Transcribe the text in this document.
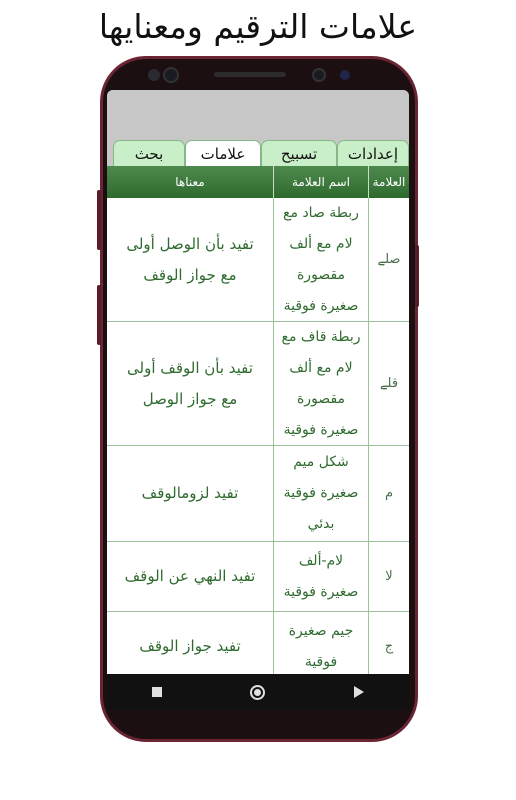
علامات الترقيم ومعنايها
إعدادات
تسبيح
علامات
بحث
العلامة
اسم العلامة
معناها
صلے
ربطة صاد مع لام مع ألف مقصورة صغيرة فوقية
تفيد بأن الوصل أولى مع جواز الوقف
قلے
ربطة قاف مع لام مع ألف مقصورة صغيرة فوقية
تفيد بأن الوقف أولى مع جواز الوصل
م
شكل ميم صغيرة فوقية بدئي
تفيد لزومالوقف
لا
لام-ألف صغيرة فوقية
تفيد النهي عن الوقف
ج
جيم صغيرة فوقية
تفيد جواز الوقف
